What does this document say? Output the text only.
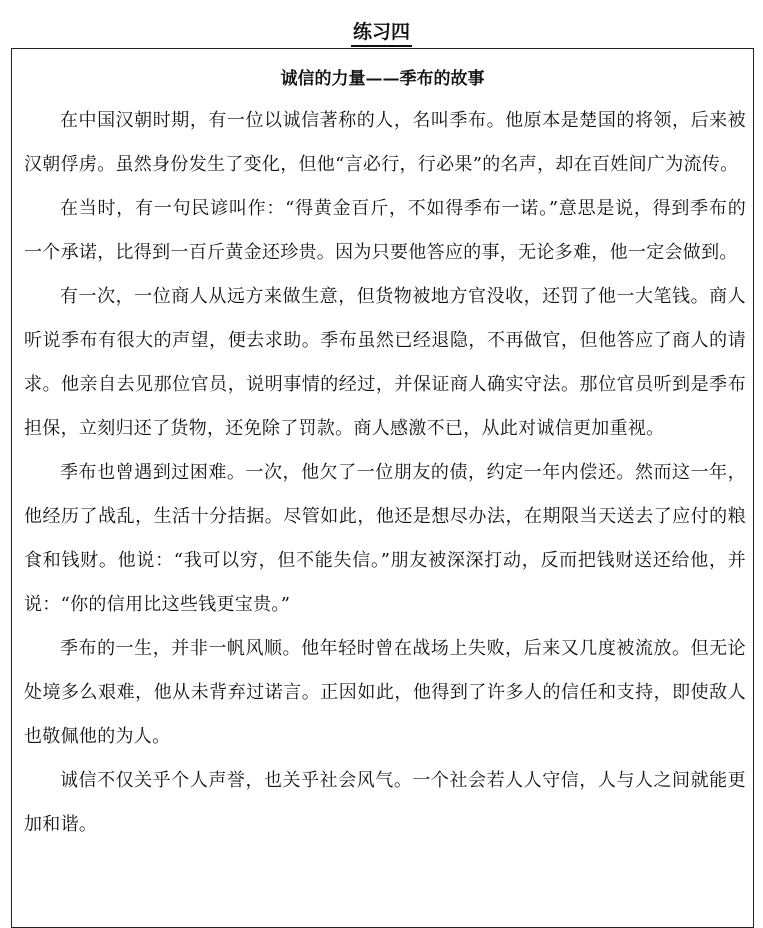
练习四
诚信的力量——季布的故事

在中国汉朝时期，有一位以诚信著称的人，名叫季布。他原本是楚国的将领，后来被汉朝俘虏。虽然身份发生了变化，但他“言必行，行必果”的名声，却在百姓间广为流传。

在当时，有一句民谚叫作：“得黄金百斤，不如得季布一诺。”意思是说，得到季布的一个承诺，比得到一百斤黄金还珍贵。因为只要他答应的事，无论多难，他一定会做到。

有一次，一位商人从远方来做生意，但货物被地方官没收，还罚了他一大笔钱。商人听说季布有很大的声望，便去求助。季布虽然已经退隐，不再做官，但他答应了商人的请求。他亲自去见那位官员，说明事情的经过，并保证商人确实守法。那位官员听到是季布担保，立刻归还了货物，还免除了罚款。商人感激不已，从此对诚信更加重视。

季布也曾遇到过困难。一次，他欠了一位朋友的债，约定一年内偿还。然而这一年，他经历了战乱，生活十分拮据。尽管如此，他还是想尽办法，在期限当天送去了应付的粮食和钱财。他说：“我可以穷，但不能失信。”朋友被深深打动，反而把钱财送还给他，并说：“你的信用比这些钱更宝贵。”

季布的一生，并非一帆风顺。他年轻时曾在战场上失败，后来又几度被流放。但无论处境多么艰难，他从未背弃过诺言。正因如此，他得到了许多人的信任和支持，即使敌人也敬佩他的为人。

诚信不仅关乎个人声誉，也关乎社会风气。一个社会若人人守信，人与人之间就能更加和谐。
